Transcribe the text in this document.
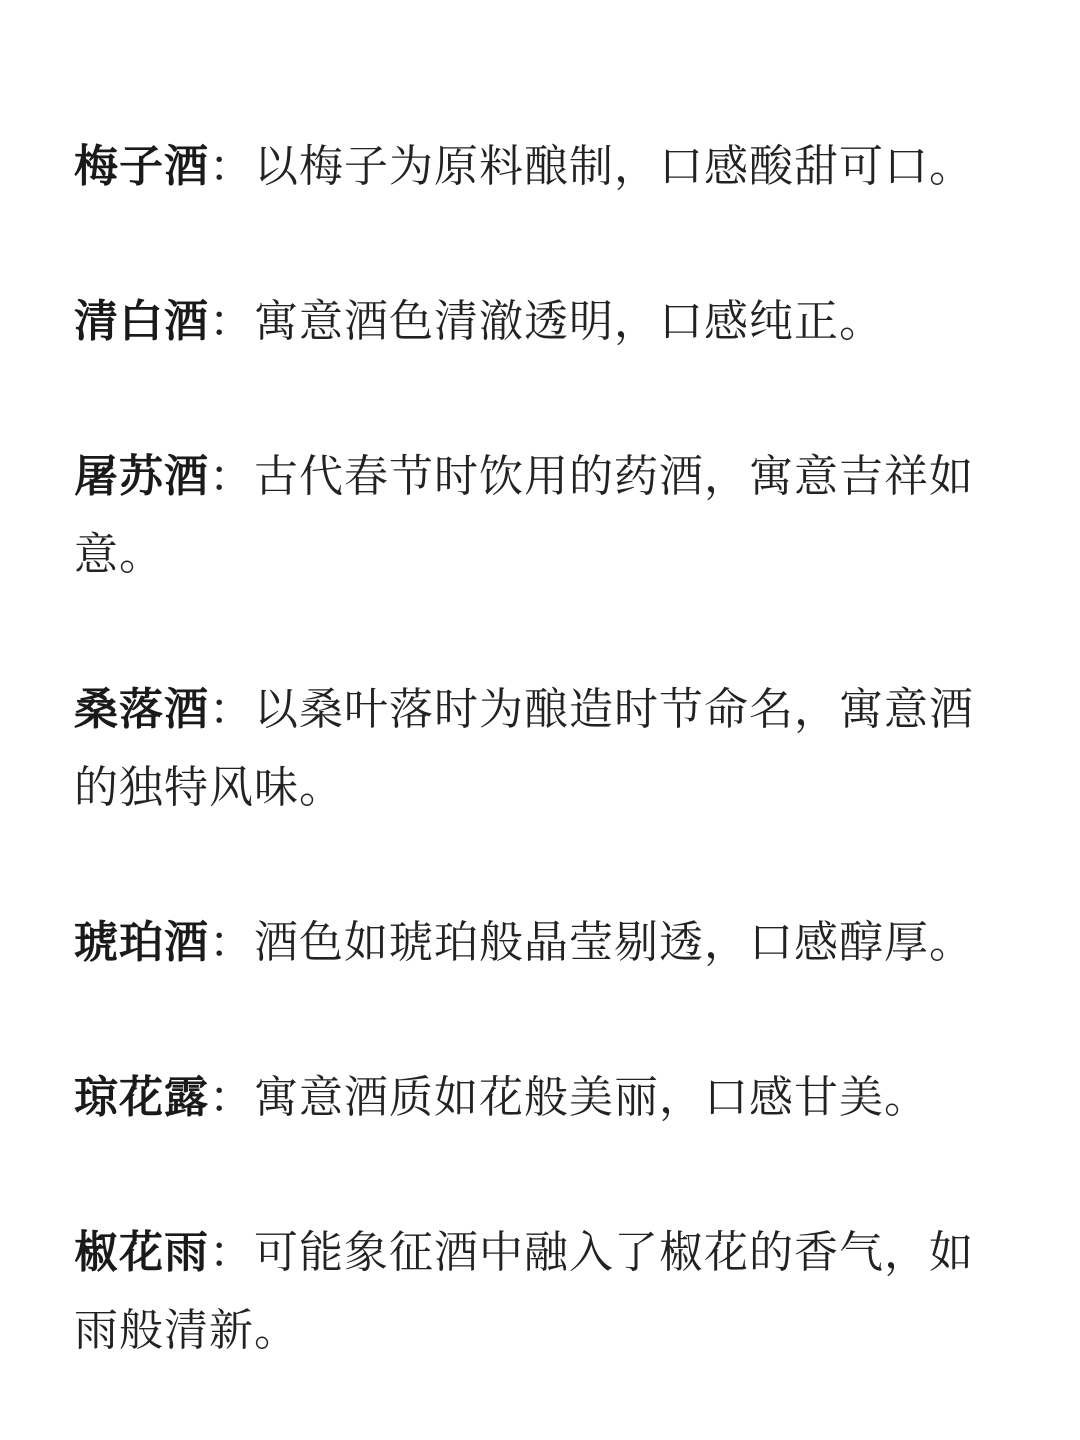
梅子酒：以梅子为原料酿制，口感酸甜可口。

清白酒：寓意酒色清澈透明，口感纯正。

屠苏酒：古代春节时饮用的药酒，寓意吉祥如意。

桑落酒：以桑叶落时为酿造时节命名，寓意酒的独特风味。

琥珀酒：酒色如琥珀般晶莹剔透，口感醇厚。

琼花露：寓意酒质如花般美丽，口感甘美。

椒花雨：可能象征酒中融入了椒花的香气，如雨般清新。
